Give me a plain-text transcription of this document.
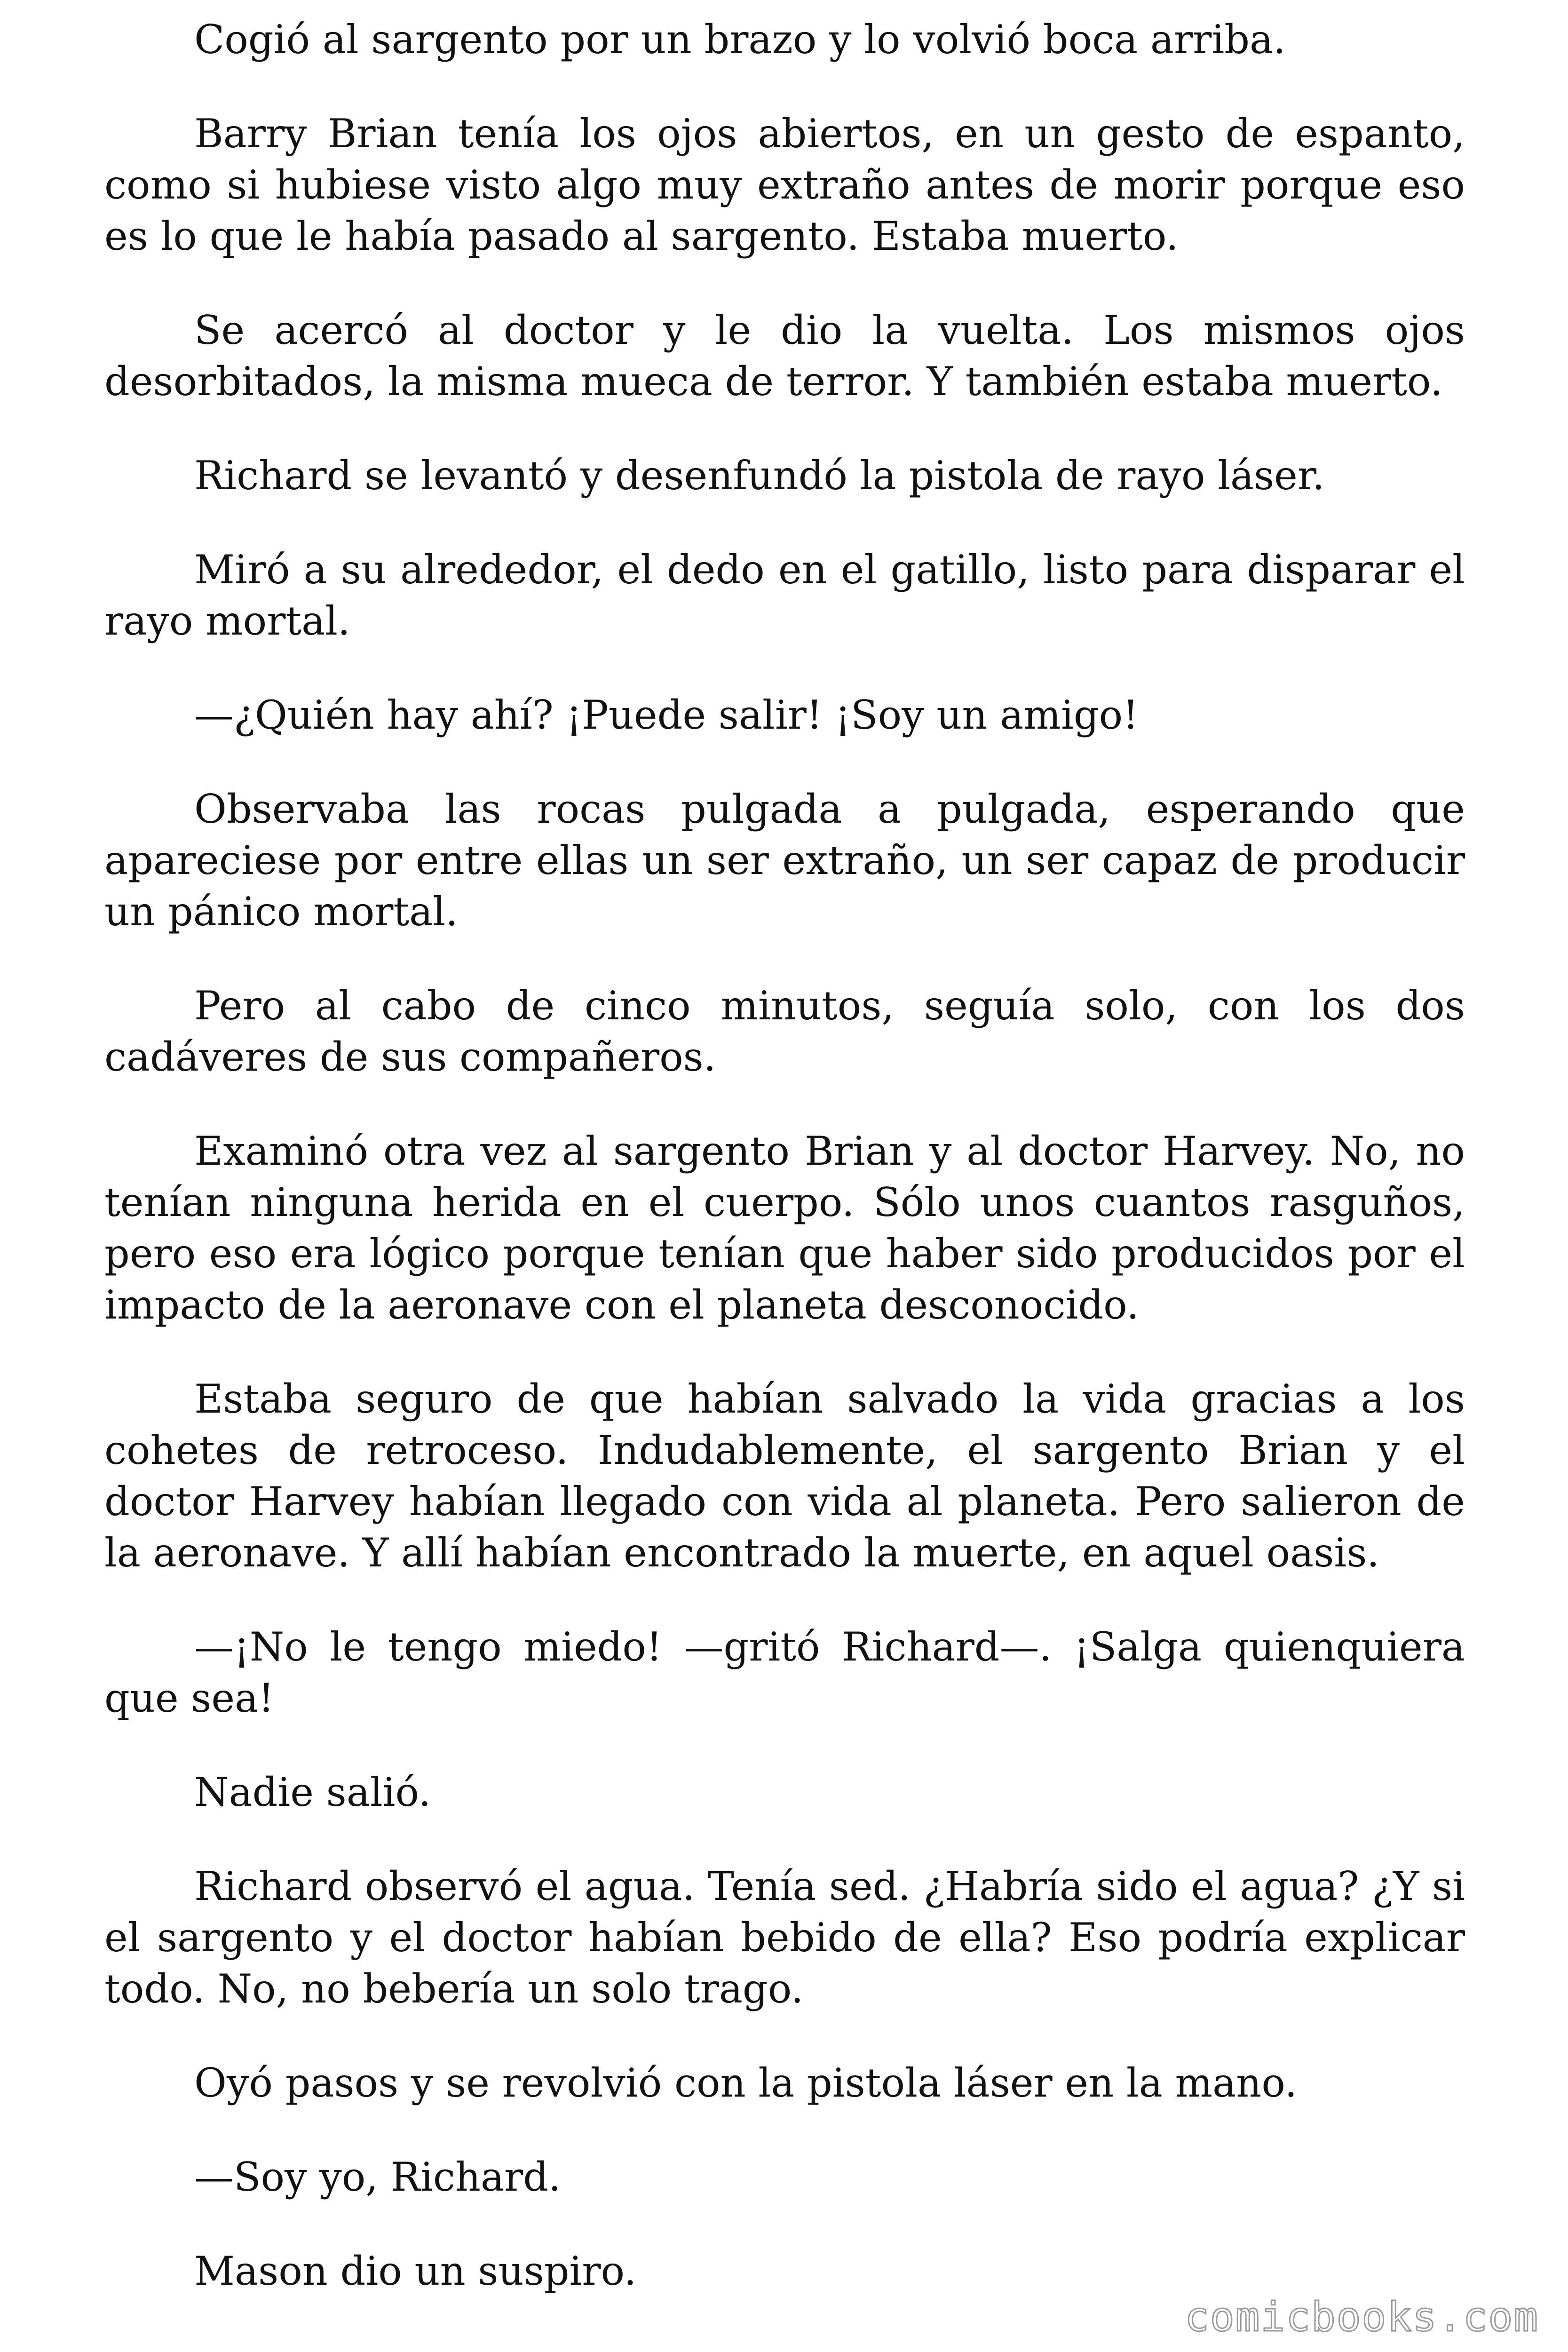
Cogió al sargento por un brazo y lo volvió boca arriba.

Barry Brian tenía los ojos abiertos, en un gesto de espanto, como si hubiese visto algo muy extraño antes de morir porque eso es lo que le había pasado al sargento. Estaba muerto.

Se acercó al doctor y le dio la vuelta. Los mismos ojos desorbitados, la misma mueca de terror. Y también estaba muerto.

Richard se levantó y desenfundó la pistola de rayo láser.

Miró a su alrededor, el dedo en el gatillo, listo para disparar el rayo mortal.

—¿Quién hay ahí? ¡Puede salir! ¡Soy un amigo!

Observaba las rocas pulgada a pulgada, esperando que apareciese por entre ellas un ser extraño, un ser capaz de producir un pánico mortal.

Pero al cabo de cinco minutos, seguía solo, con los dos cadáveres de sus compañeros.

Examinó otra vez al sargento Brian y al doctor Harvey. No, no tenían ninguna herida en el cuerpo. Sólo unos cuantos rasguños, pero eso era lógico porque tenían que haber sido producidos por el impacto de la aeronave con el planeta desconocido.

Estaba seguro de que habían salvado la vida gracias a los cohetes de retroceso. Indudablemente, el sargento Brian y el doctor Harvey habían llegado con vida al planeta. Pero salieron de la aeronave. Y allí habían encontrado la muerte, en aquel oasis.

—¡No le tengo miedo! —gritó Richard—. ¡Salga quienquiera que sea!

Nadie salió.

Richard observó el agua. Tenía sed. ¿Habría sido el agua? ¿Y si el sargento y el doctor habían bebido de ella? Eso podría explicar todo. No, no bebería un solo trago.

Oyó pasos y se revolvió con la pistola láser en la mano.

—Soy yo, Richard.

Mason dio un suspiro.

comicbooks.com
